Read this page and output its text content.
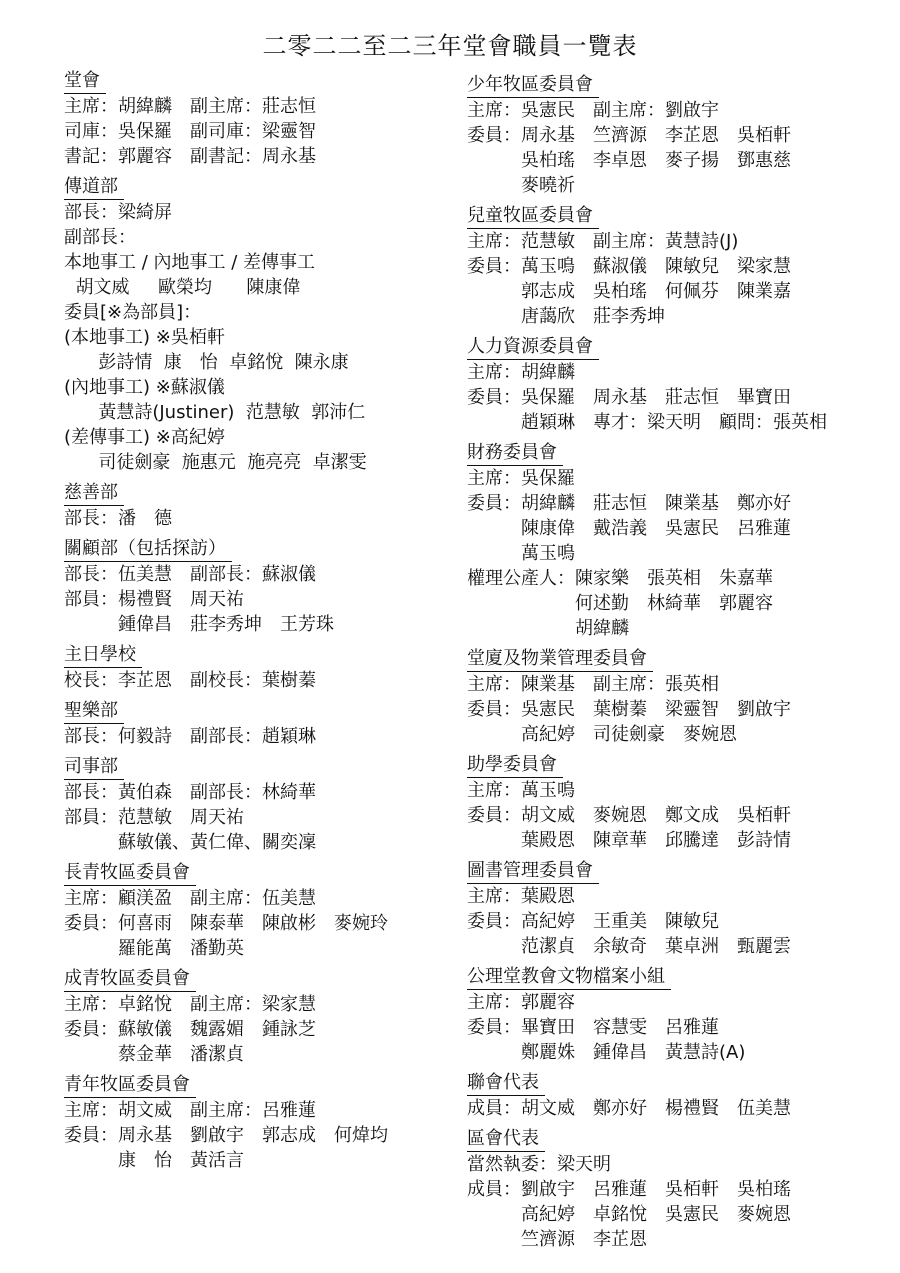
二零二二至二三年堂會職員一覽表
堂會
主席：胡緯麟　副主席：莊志恒
司庫：吳保羅　副司庫：梁靈智
書記：郭麗容　副書記：周永基
傳道部
部長：梁綺屏
副部長：
本地事工 / 內地事工 / 差傳事工
胡文威     歐榮均      陳康偉
委員[※為部員]：
(本地事工) ※吳栢軒
彭詩情  康　怡  卓銘悅  陳永康
(內地事工) ※蘇淑儀
黃慧詩(Justiner)  范慧敏  郭沛仁
(差傳事工) ※高紀婷
司徒劍豪  施惠元  施亮亮  卓潔雯
慈善部
部長：潘　德
關顧部（包括探訪）
部長：伍美慧　副部長：蘇淑儀
部員：楊禮賢　周天祐
　　　鍾偉昌　莊李秀坤　王芳珠
主日學校
校長：李芷恩　副校長：葉樹蓁
聖樂部
部長：何毅詩　副部長：趙穎琳
司事部
部長：黃伯森　副部長：林綺華
部員：范慧敏　周天祐
　　　蘇敏儀、黃仁偉、關奕凜
長青牧區委員會
主席：顧渼盈　副主席：伍美慧
委員：何喜雨　陳泰華　陳啟彬　麥婉玲
　　　羅能萬　潘勤英
成青牧區委員會
主席：卓銘悅　副主席：梁家慧
委員：蘇敏儀　魏露媚　鍾詠芝
　　　蔡金華　潘潔貞
青年牧區委員會
主席：胡文威　副主席：呂雅蓮
委員：周永基　劉啟宇　郭志成　何煒均
　　　康　怡　黃活言
少年牧區委員會
主席：吳憲民　副主席：劉啟宇
委員：周永基　竺濟源　李芷恩　吳栢軒
　　　吳柏瑤　李卓恩　麥子揚　鄧惠慈
　　　麥曉祈
兒童牧區委員會
主席：范慧敏　副主席：黃慧詩(J)
委員：萬玉鳴　蘇淑儀　陳敏兒　梁家慧
　　　郭志成　吳柏瑤　何佩芬　陳業嘉
　　　唐藹欣　莊李秀坤
人力資源委員會
主席：胡緯麟
委員：吳保羅　周永基　莊志恒　畢寶田
　　　趙穎琳　專才：梁天明　顧問：張英相
財務委員會
主席：吳保羅
委員：胡緯麟　莊志恒　陳業基　鄭亦好
　　　陳康偉　戴浩義　吳憲民　呂雅蓮
　　　萬玉鳴
權理公產人：陳家樂　張英相　朱嘉華
　　　　　　何述勤　林綺華　郭麗容
　　　　　　胡緯麟
堂廈及物業管理委員會
主席：陳業基　副主席：張英相
委員：吳憲民　葉樹蓁　梁靈智　劉啟宇
　　　高紀婷　司徒劍豪　麥婉恩
助學委員會
主席：萬玉鳴
委員：胡文威　麥婉恩　鄭文成　吳栢軒
　　　葉殿恩　陳章華　邱騰達　彭詩情
圖書管理委員會
主席：葉殿恩
委員：高紀婷　王重美　陳敏兒
　　　范潔貞　余敏奇　葉卓洲　甄麗雲
公理堂教會文物檔案小組
主席：郭麗容
委員：畢寶田　容慧雯　呂雅蓮
　　　鄭麗姝　鍾偉昌　黃慧詩(A)
聯會代表
成員：胡文威　鄭亦好　楊禮賢　伍美慧
區會代表
當然執委：梁天明
成員：劉啟宇　呂雅蓮　吳栢軒　吳柏瑤
　　　高紀婷　卓銘悅　吳憲民　麥婉恩
　　　竺濟源　李芷恩
